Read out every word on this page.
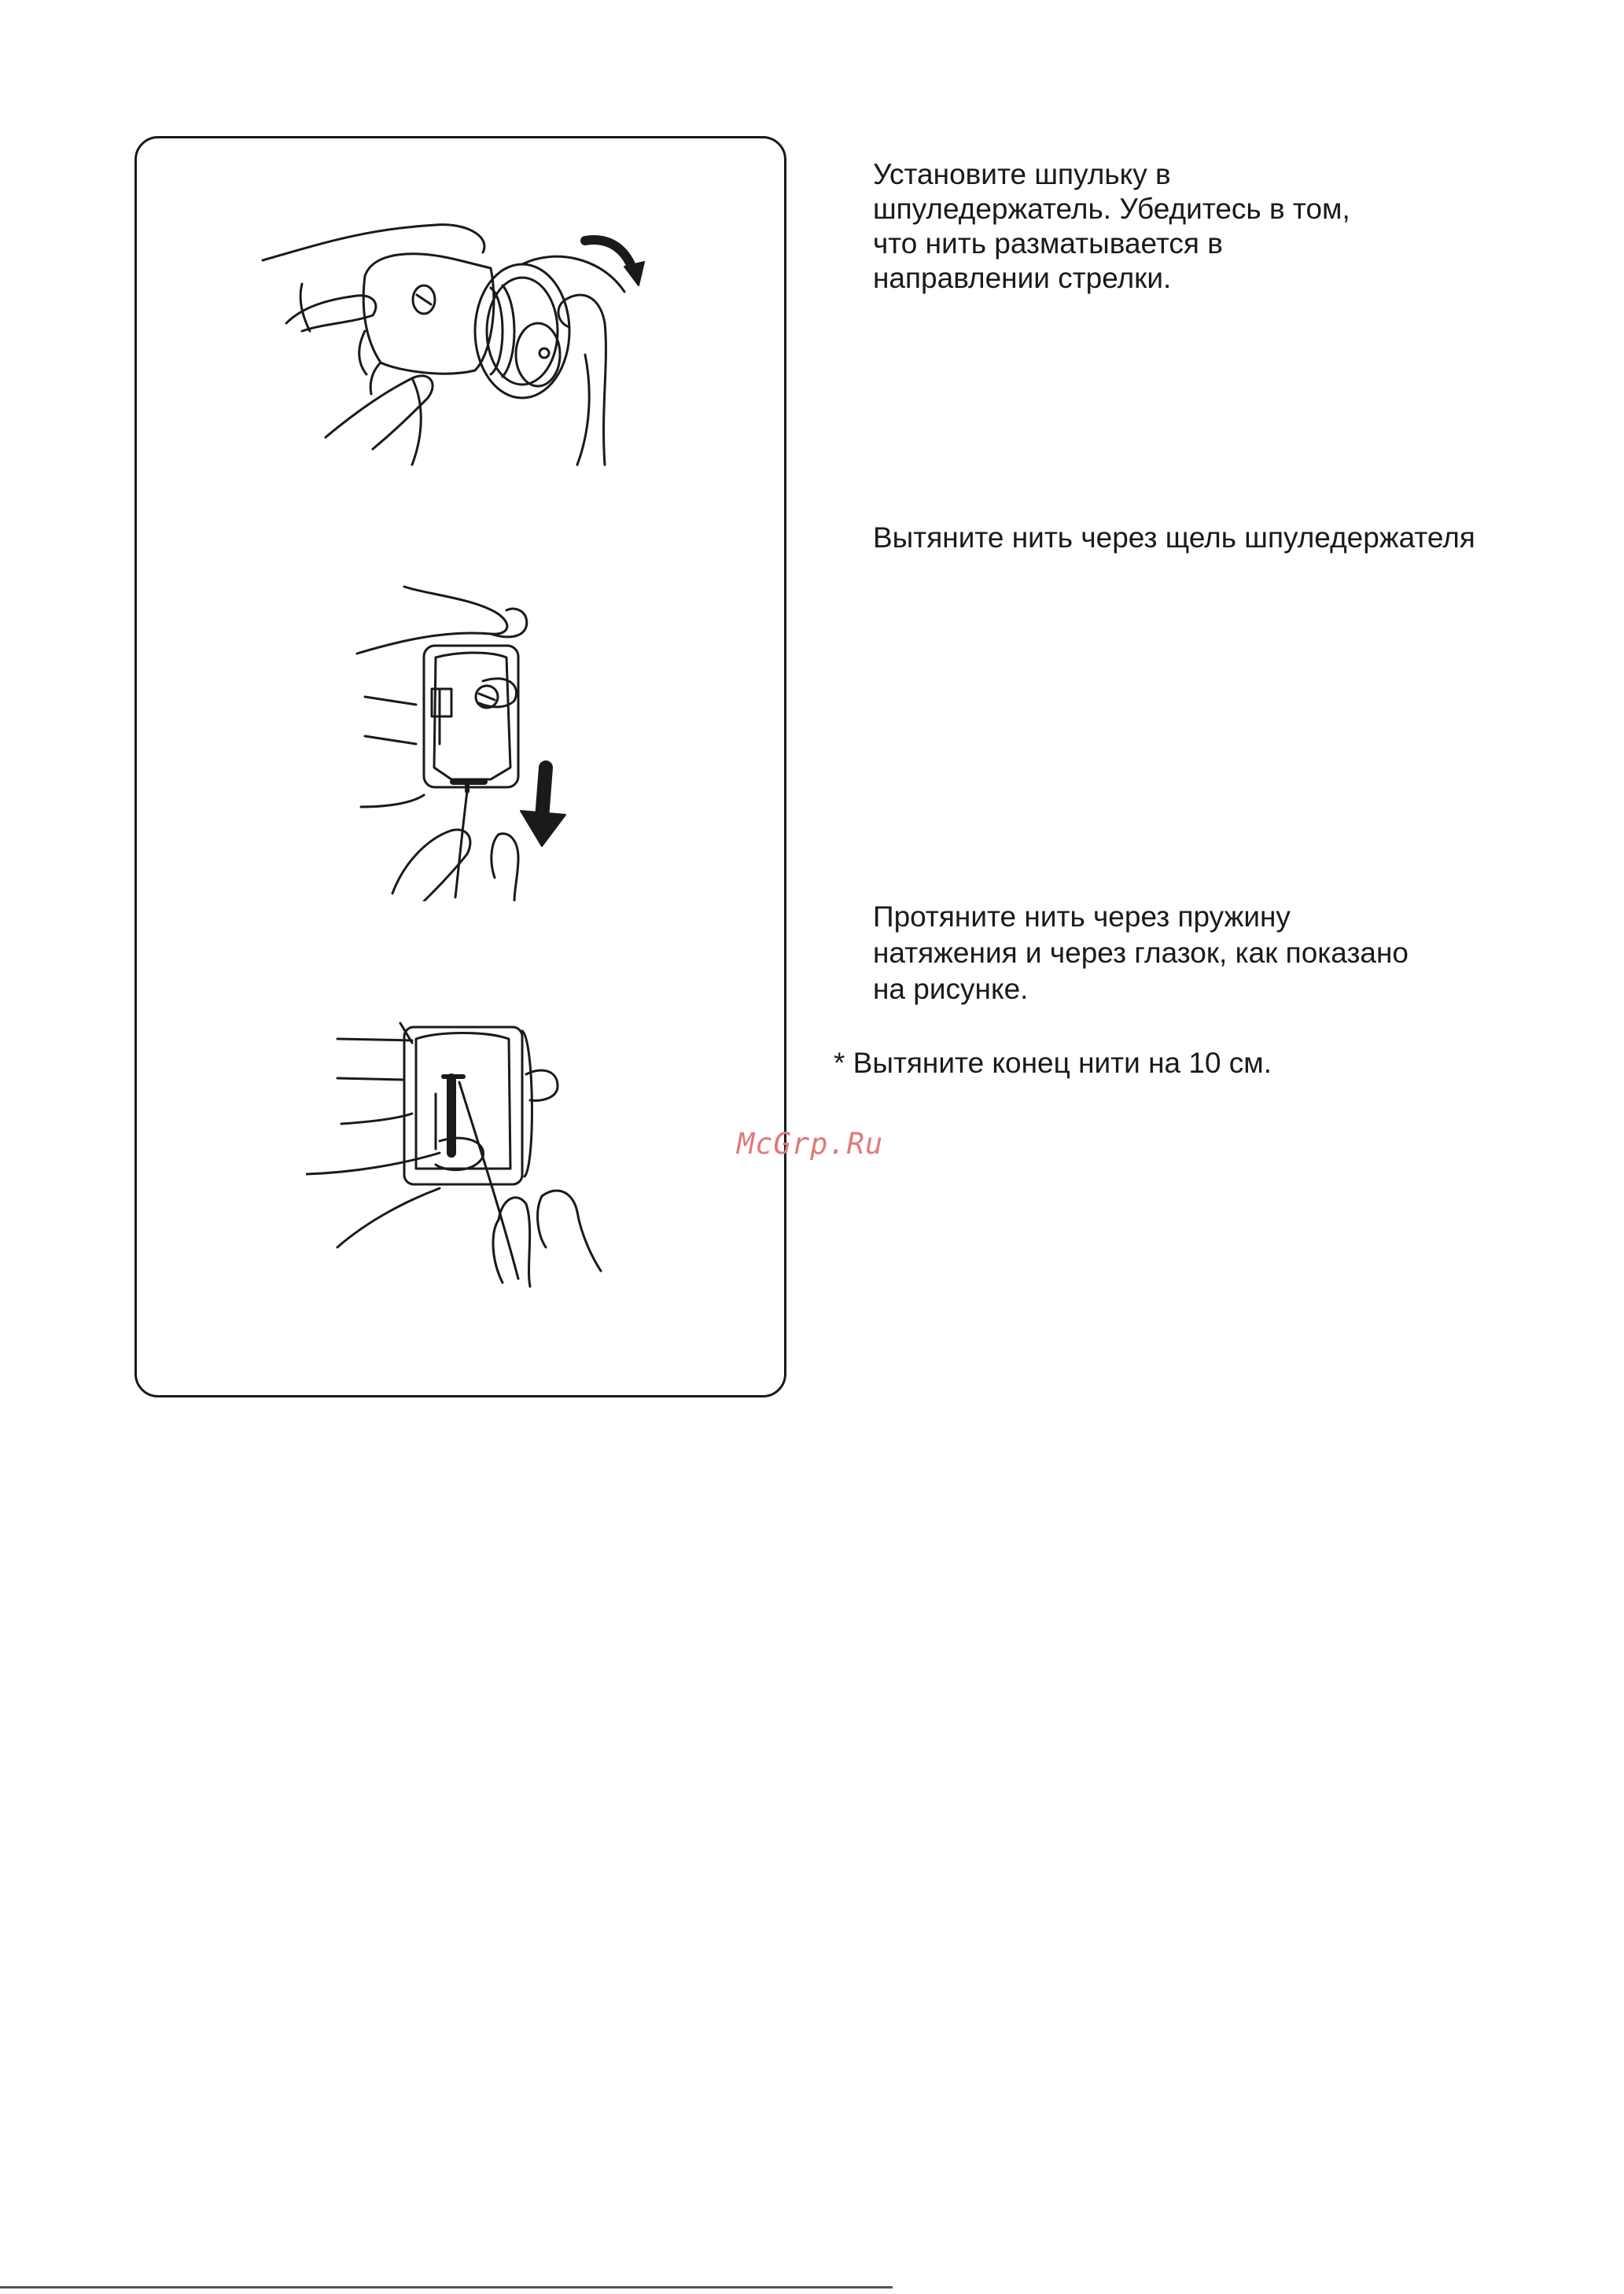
Установите шпульку в
шпуледержатель. Убедитесь в том,
что нить разматывается в
направлении стрелки.

Вытяните нить через щель шпуледержателя

Протяните нить через пружину
натяжения и через глазок, как показано
на рисунке.

* Вытяните конец нити на 10 см.
McGrp.Ru
